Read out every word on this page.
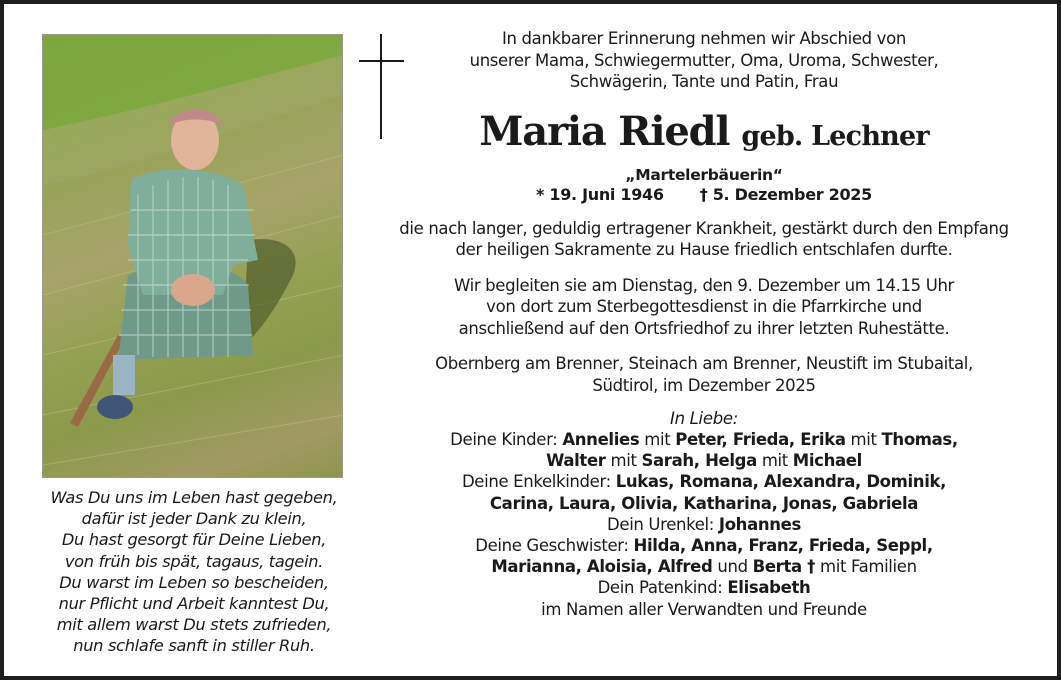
Was Du uns im Leben hast gegeben,
dafür ist jeder Dank zu klein,
Du hast gesorgt für Deine Lieben,
von früh bis spät, tagaus, tagein.
Du warst im Leben so bescheiden,
nur Pflicht und Arbeit kanntest Du,
mit allem warst Du stets zufrieden,
nun schlafe sanft in stiller Ruh.
In dankbarer Erinnerung nehmen wir Abschied von
unserer Mama, Schwiegermutter, Oma, Uroma, Schwester,
Schwägerin, Tante und Patin, Frau
Maria Riedl geb. Lechner
„Martelerbäuerin“
* 19. Juni 1946 † 5. Dezember 2025
die nach langer, geduldig ertragener Krankheit, gestärkt durch den Empfang
der heiligen Sakramente zu Hause friedlich entschlafen durfte.
Wir begleiten sie am Dienstag, den 9. Dezember um 14.15 Uhr
von dort zum Sterbegottesdienst in die Pfarrkirche und
anschließend auf den Ortsfriedhof zu ihrer letzten Ruhestätte.
Obernberg am Brenner, Steinach am Brenner, Neustift im Stubaital,
Südtirol, im Dezember 2025
In Liebe:
Deine Kinder: Annelies mit Peter, Frieda, Erika mit Thomas,
Walter mit Sarah, Helga mit Michael
Deine Enkelkinder: Lukas, Romana, Alexandra, Dominik,
Carina, Laura, Olivia, Katharina, Jonas, Gabriela
Dein Urenkel: Johannes
Deine Geschwister: Hilda, Anna, Franz, Frieda, Seppl,
Marianna, Aloisia, Alfred und Berta † mit Familien
Dein Patenkind: Elisabeth
im Namen aller Verwandten und Freunde
